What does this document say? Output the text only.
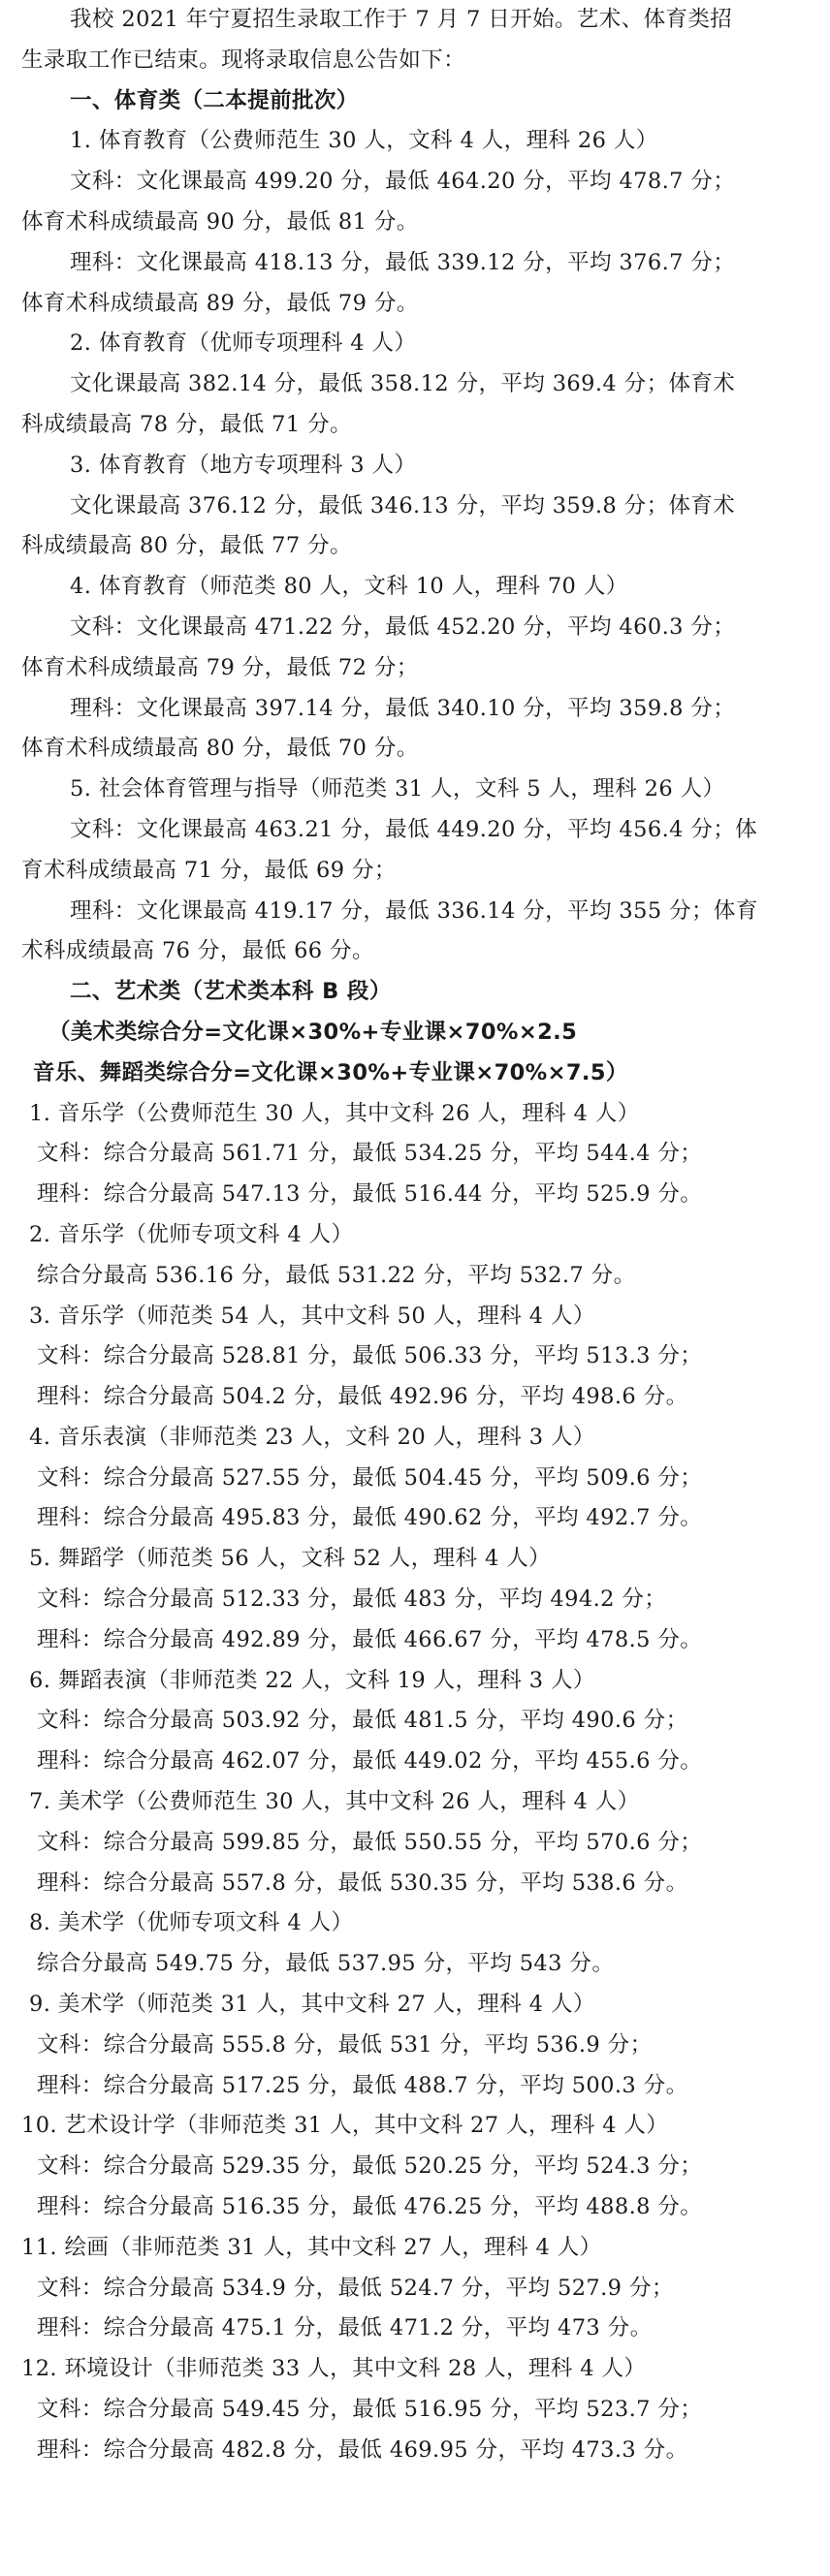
我校 2021 年宁夏招生录取工作于 7 月 7 日开始。艺术、体育类招
生录取工作已结束。现将录取信息公告如下：
一、体育类（二本提前批次）
1. 体育教育（公费师范生 30 人，文科 4 人，理科 26 人）
文科：文化课最高 499.20 分，最低 464.20 分，平均 478.7 分；
体育术科成绩最高 90 分，最低 81 分。
理科：文化课最高 418.13 分，最低 339.12 分，平均 376.7 分；
体育术科成绩最高 89 分，最低 79 分。
2. 体育教育（优师专项理科 4 人）
文化课最高 382.14 分，最低 358.12 分，平均 369.4 分；体育术
科成绩最高 78 分，最低 71 分。
3. 体育教育（地方专项理科 3 人）
文化课最高 376.12 分，最低 346.13 分，平均 359.8 分；体育术
科成绩最高 80 分，最低 77 分。
4. 体育教育（师范类 80 人，文科 10 人，理科 70 人）
文科：文化课最高 471.22 分，最低 452.20 分，平均 460.3 分；
体育术科成绩最高 79 分，最低 72 分；
理科：文化课最高 397.14 分，最低 340.10 分，平均 359.8 分；
体育术科成绩最高 80 分，最低 70 分。
5. 社会体育管理与指导（师范类 31 人，文科 5 人，理科 26 人）
文科：文化课最高 463.21 分，最低 449.20 分，平均 456.4 分；体
育术科成绩最高 71 分，最低 69 分；
理科：文化课最高 419.17 分，最低 336.14 分，平均 355 分；体育
术科成绩最高 76 分，最低 66 分。
二、艺术类（艺术类本科 B 段）
（美术类综合分=文化课×30%+专业课×70%×2.5
音乐、舞蹈类综合分=文化课×30%+专业课×70%×7.5）
1. 音乐学（公费师范生 30 人，其中文科 26 人，理科 4 人）
文科：综合分最高 561.71 分，最低 534.25 分，平均 544.4 分；
理科：综合分最高 547.13 分，最低 516.44 分，平均 525.9 分。
2. 音乐学（优师专项文科 4 人）
综合分最高 536.16 分，最低 531.22 分，平均 532.7 分。
3. 音乐学（师范类 54 人，其中文科 50 人，理科 4 人）
文科：综合分最高 528.81 分，最低 506.33 分，平均 513.3 分；
理科：综合分最高 504.2 分，最低 492.96 分，平均 498.6 分。
4. 音乐表演（非师范类 23 人，文科 20 人，理科 3 人）
文科：综合分最高 527.55 分，最低 504.45 分，平均 509.6 分；
理科：综合分最高 495.83 分，最低 490.62 分，平均 492.7 分。
5. 舞蹈学（师范类 56 人，文科 52 人，理科 4 人）
文科：综合分最高 512.33 分，最低 483 分，平均 494.2 分；
理科：综合分最高 492.89 分，最低 466.67 分，平均 478.5 分。
6. 舞蹈表演（非师范类 22 人，文科 19 人，理科 3 人）
文科：综合分最高 503.92 分，最低 481.5 分，平均 490.6 分；
理科：综合分最高 462.07 分，最低 449.02 分，平均 455.6 分。
7. 美术学（公费师范生 30 人，其中文科 26 人，理科 4 人）
文科：综合分最高 599.85 分，最低 550.55 分，平均 570.6 分；
理科：综合分最高 557.8 分，最低 530.35 分，平均 538.6 分。
8. 美术学（优师专项文科 4 人）
综合分最高 549.75 分，最低 537.95 分，平均 543 分。
9. 美术学（师范类 31 人，其中文科 27 人，理科 4 人）
文科：综合分最高 555.8 分，最低 531 分，平均 536.9 分；
理科：综合分最高 517.25 分，最低 488.7 分，平均 500.3 分。
10. 艺术设计学（非师范类 31 人，其中文科 27 人，理科 4 人）
文科：综合分最高 529.35 分，最低 520.25 分，平均 524.3 分；
理科：综合分最高 516.35 分，最低 476.25 分，平均 488.8 分。
11. 绘画（非师范类 31 人，其中文科 27 人，理科 4 人）
文科：综合分最高 534.9 分，最低 524.7 分，平均 527.9 分；
理科：综合分最高 475.1 分，最低 471.2 分，平均 473 分。
12. 环境设计（非师范类 33 人，其中文科 28 人，理科 4 人）
文科：综合分最高 549.45 分，最低 516.95 分，平均 523.7 分；
理科：综合分最高 482.8 分，最低 469.95 分，平均 473.3 分。
